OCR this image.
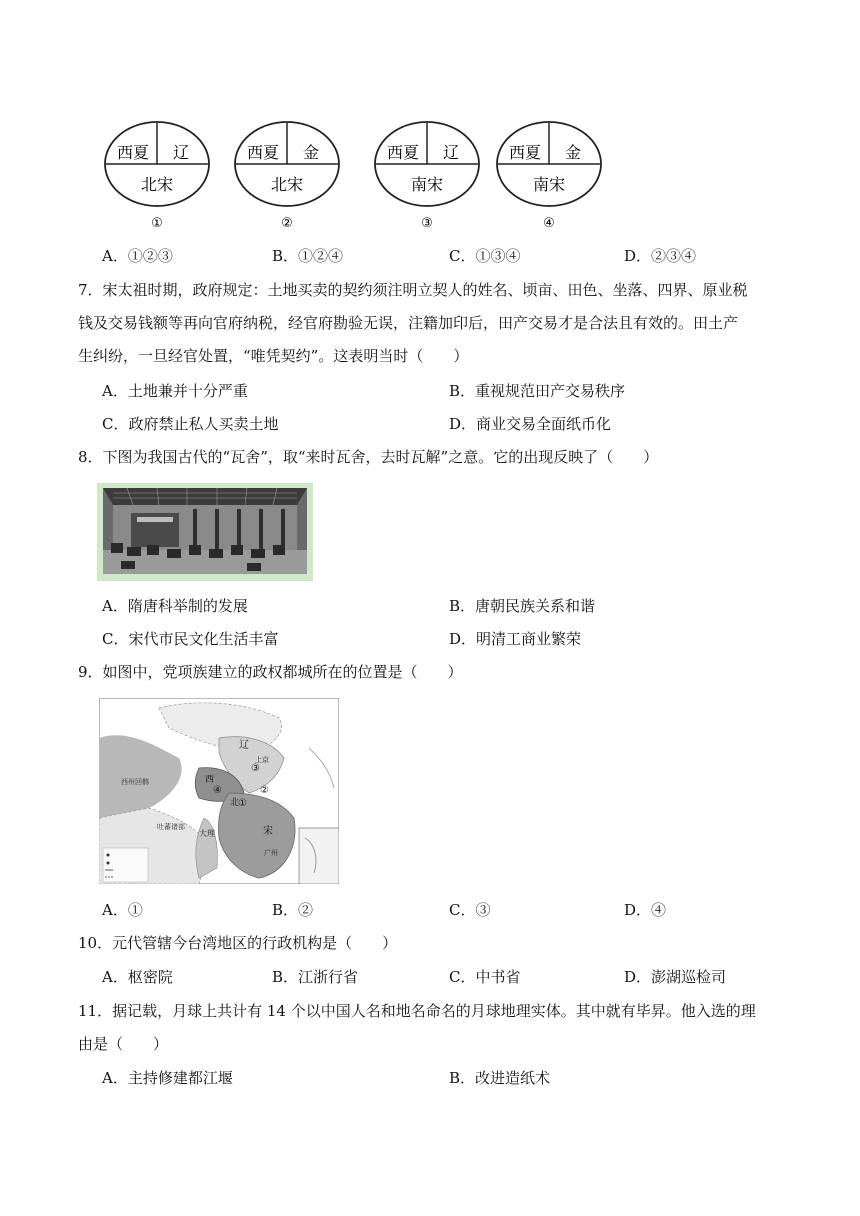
西夏 辽
北宋
①
西夏 金
北宋
②
西夏 辽
南宋
③
西夏 金
南宋
④
A．①②③	B．①②④	C．①③④	D．②③④
7．宋太祖时期，政府规定：土地买卖的契约须注明立契人的姓名、顷亩、田色、坐落、四界、原业税
钱及交易钱额等再向官府纳税，经官府勘验无误，注籍加印后，田产交易才是合法且有效的。田土产
生纠纷，一旦经官处置，“唯凭契约”。这表明当时（　　）
A．土地兼并十分严重	B．重视规范田产交易秩序
C．政府禁止私人买卖土地	D．商业交易全面纸币化
8．下图为我国古代的“瓦舍”，取“来时瓦舍，去时瓦解”之意。它的出现反映了（　　）
A．隋唐科举制的发展	B．唐朝民族关系和谐
C．宋代市民文化生活丰富	D．明清工商业繁荣
9．如图中，党项族建立的政权都城所在的位置是（　　）
西州回鹘
吐蕃诸部
大理
辽
西
北
宋
广州
上京
①
②
③
④
A．①	B．②	C．③	D．④
10．元代管辖今台湾地区的行政机构是（　　）
A．枢密院	B．江浙行省	C．中书省	D．澎湖巡检司
11．据记载，月球上共计有 14 个以中国人名和地名命名的月球地理实体。其中就有毕昇。他入选的理
由是（　　）
A．主持修建都江堰	B．改进造纸术
